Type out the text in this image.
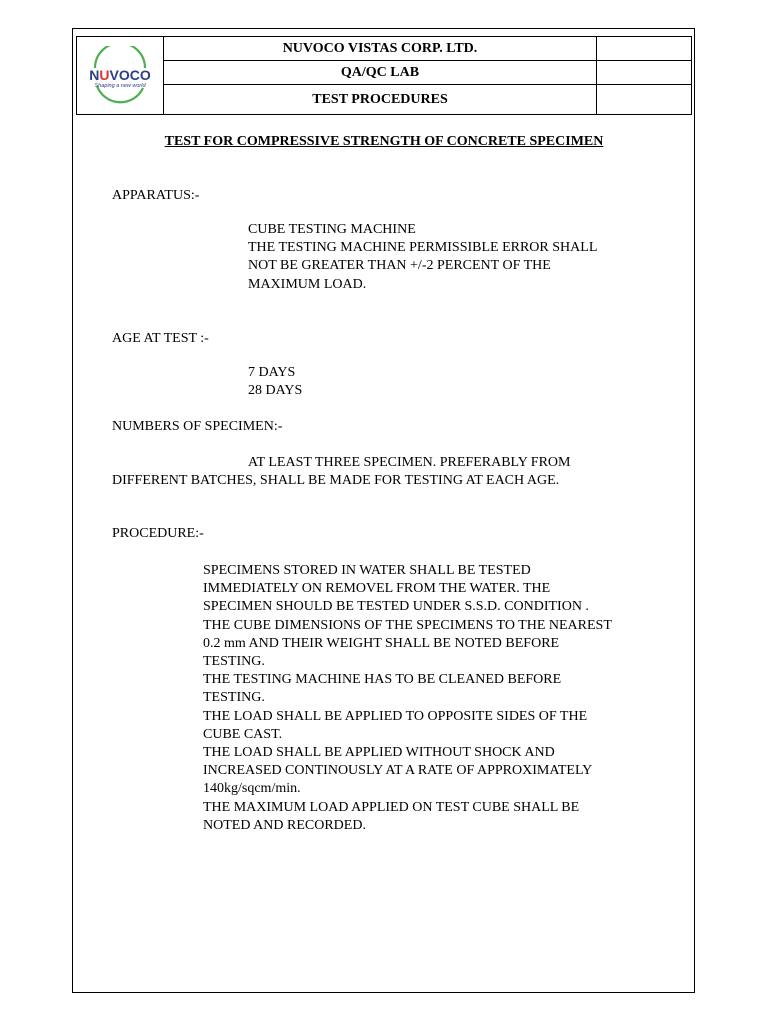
NUVOCO
Shaping a new world	NUVOCO VISTAS CORP. LTD.	
	QA/QC LAB	
	TEST PROCEDURES	
TEST FOR COMPRESSIVE STRENGTH OF CONCRETE SPECIMEN
APPARATUS:-
CUBE TESTING MACHINE
THE TESTING MACHINE PERMISSIBLE ERROR SHALL
NOT BE GREATER THAN +/-2 PERCENT OF THE
MAXIMUM LOAD.
AGE AT TEST :-
7 DAYS
28 DAYS
NUMBERS OF SPECIMEN:-
AT LEAST THREE SPECIMEN. PREFERABLY FROM
DIFFERENT BATCHES, SHALL BE MADE FOR TESTING AT EACH AGE.
PROCEDURE:-
SPECIMENS STORED IN WATER SHALL BE TESTED
IMMEDIATELY ON REMOVEL FROM THE WATER. THE
SPECIMEN SHOULD BE TESTED UNDER S.S.D. CONDITION .
THE CUBE DIMENSIONS OF THE SPECIMENS TO THE NEAREST
0.2 mm AND THEIR WEIGHT SHALL BE NOTED BEFORE
TESTING.
THE TESTING MACHINE HAS TO BE CLEANED BEFORE
TESTING.
THE LOAD SHALL BE APPLIED TO OPPOSITE SIDES OF THE
CUBE CAST.
THE LOAD SHALL BE APPLIED WITHOUT SHOCK AND
INCREASED CONTINOUSLY AT A RATE OF APPROXIMATELY
140kg/sqcm/min.
THE MAXIMUM LOAD APPLIED ON TEST CUBE SHALL BE
NOTED AND RECORDED.
